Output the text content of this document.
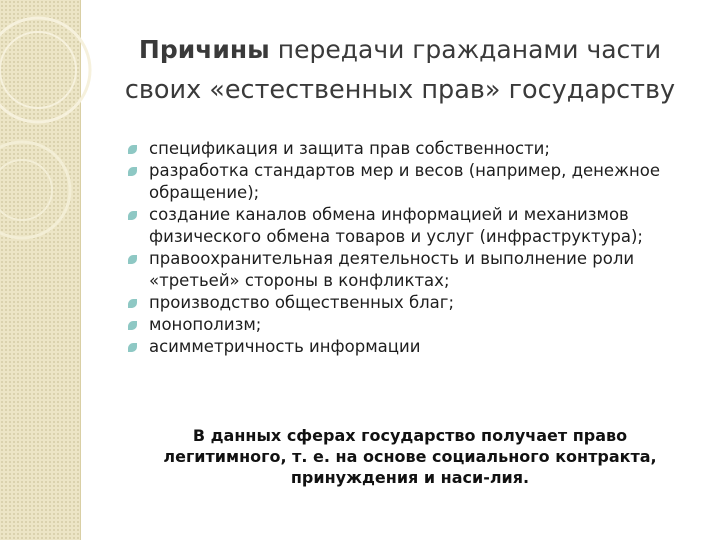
Причины передачи гражданами части
своих «естественных прав» государству
спецификация и защита прав собственности;
разработка стандартов мер и весов (например, денежное
обращение);
создание каналов обмена информацией и механизмов
физического обмена товаров и услуг (инфраструктура);
правоохранительная деятельность и выполнение роли
«третьей» стороны в конфликтах;
производство общественных благ;
монополизм;
асимметричность информации
В данных сферах государство получает право
легитимного, т. е. на основе социального контракта,
принуждения и наси-лия.
